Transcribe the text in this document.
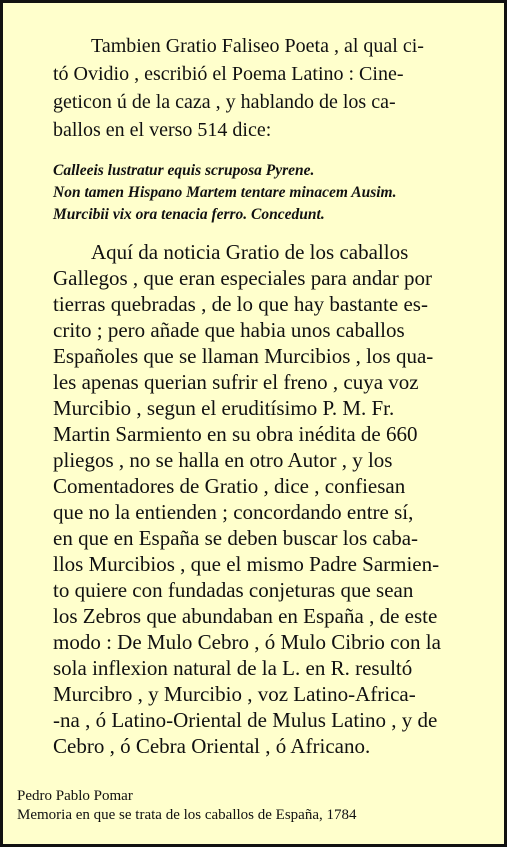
Tambien Gratio Faliseo Poeta , al qual ci-
tó Ovidio , escribió el Poema Latino : Cine-
geticon ú de la caza , y hablando de los ca-
ballos en el verso 514 dice:
Calleeis lustratur equis scruposa Pyrene.
Non tamen Hispano Martem tentare minacem Ausim.
Murcibii vix ora tenacia ferro. Concedunt.
Aquí da noticia Gratio de los caballos
Gallegos , que eran especiales para andar por
tierras quebradas , de lo que hay bastante es-
crito ; pero añade que habia unos caballos
Españoles que se llaman Murcibios , los qua-
les apenas querian sufrir el freno , cuya voz
Murcibio , segun el eruditísimo P. M. Fr.
Martin Sarmiento en su obra inédita de 660
pliegos , no se halla en otro Autor , y los
Comentadores de Gratio , dice , confiesan
que no la entienden ; concordando entre sí,
en que en España se deben buscar los caba-
llos Murcibios , que el mismo Padre Sarmien-
to quiere con fundadas conjeturas que sean
los Zebros que abundaban en España , de este
modo : De Mulo Cebro , ó Mulo Cibrio con la
sola inflexion natural de la L. en R. resultó
Murcibro , y Murcibio , voz Latino-Africa-
-na , ó Latino-Oriental de Mulus Latino , y de
Cebro , ó Cebra Oriental , ó Africano.
Pedro Pablo Pomar
Memoria en que se trata de los caballos de España, 1784
